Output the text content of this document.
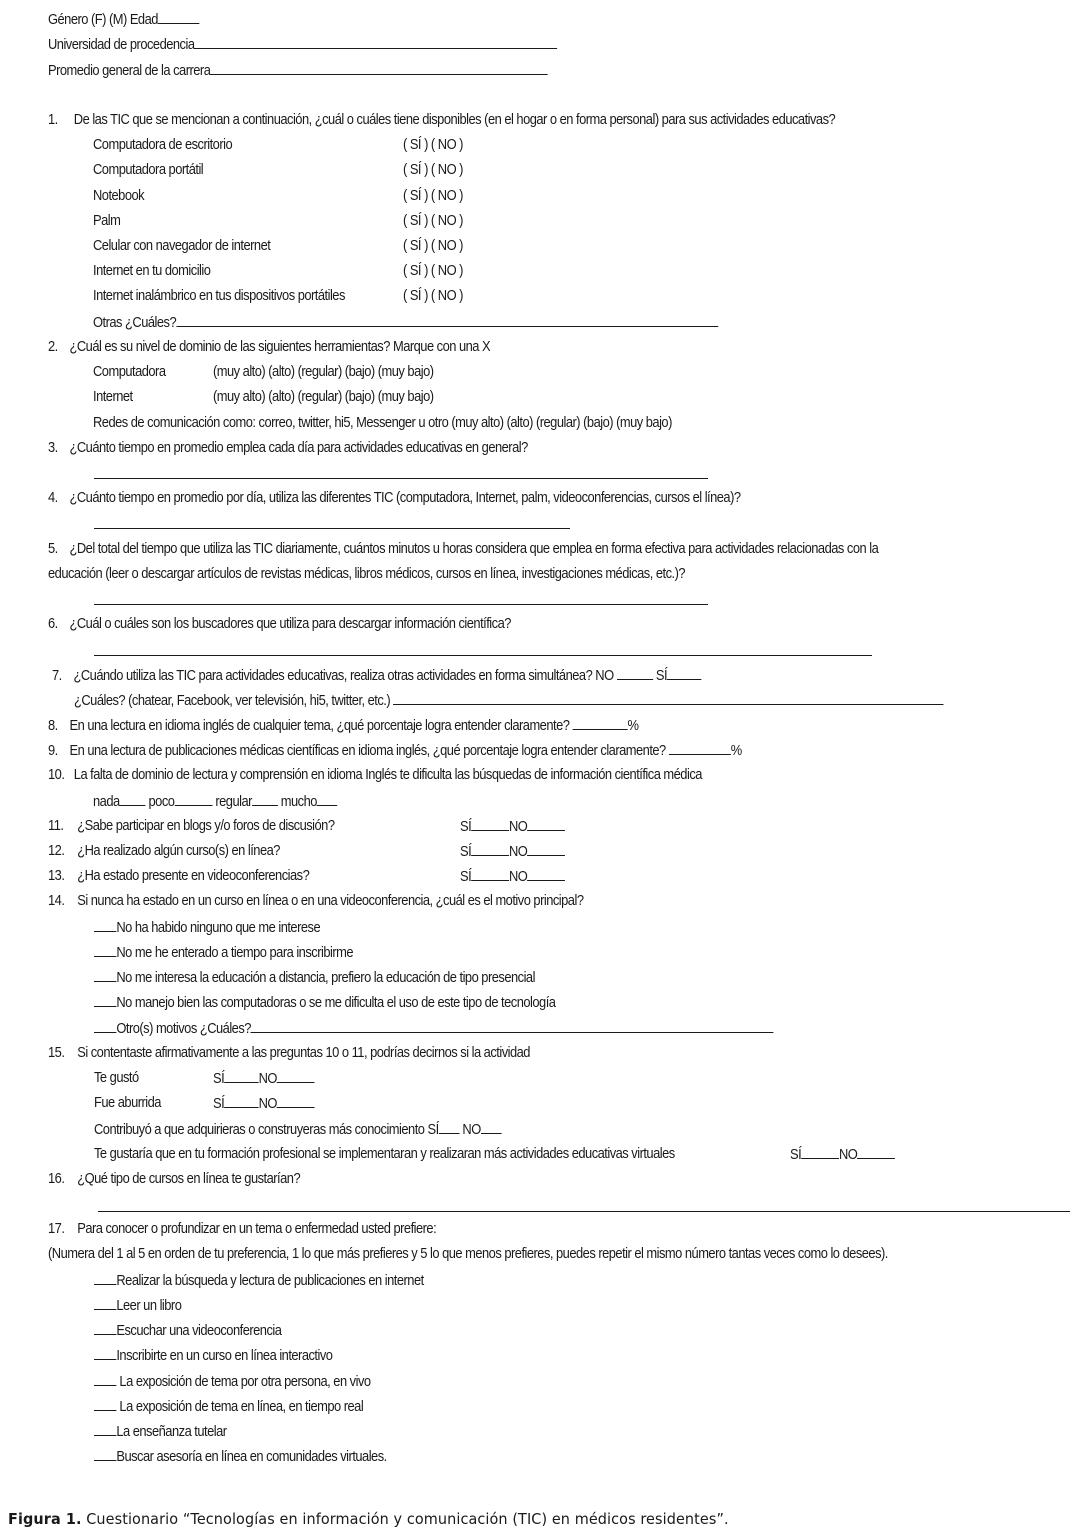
Género (F) (M) Edad
Universidad de procedencia
Promedio general de la carrera
1. De las TIC que se mencionan a continuación, ¿cuál o cuáles tiene disponibles (en el hogar o en forma personal) para sus actividades educativas?
Computadora de escritorio	( SÍ ) ( NO )
Computadora portátil	( SÍ ) ( NO )
Notebook	( SÍ ) ( NO )
Palm	( SÍ ) ( NO )
Celular con navegador de internet	( SÍ ) ( NO )
Internet en tu domicilio	( SÍ ) ( NO )
Internet inalámbrico en tus dispositivos portátiles	( SÍ ) ( NO )
Otras ¿Cuáles?
2. ¿Cuál es su nivel de dominio de las siguientes herramientas? Marque con una X
Computadora	(muy alto) (alto) (regular) (bajo) (muy bajo)
Internet	(muy alto) (alto) (regular) (bajo) (muy bajo)
Redes de comunicación como: correo, twitter, hi5, Messenger u otro (muy alto) (alto) (regular) (bajo) (muy bajo)
3. ¿Cuánto tiempo en promedio emplea cada día para actividades educativas en general?
4. ¿Cuánto tiempo en promedio por día, utiliza las diferentes TIC (computadora, Internet, palm, videoconferencias, cursos el línea)?
5. ¿Del total del tiempo que utiliza las TIC diariamente, cuántos minutos u horas considera que emplea en forma efectiva para actividades relacionadas con la
educación (leer o descargar artículos de revistas médicas, libros médicos, cursos en línea, investigaciones médicas, etc.)?
6. ¿Cuál o cuáles son los buscadores que utiliza para descargar información científica?
7. ¿Cuándo utiliza las TIC para actividades educativas, realiza otras actividades en forma simultánea? NO	SÍ
¿Cuáles? (chatear, Facebook, ver televisión, hi5, twitter, etc.)
8. En una lectura en idioma inglés de cualquier tema, ¿qué porcentaje logra entender claramente?	%
9. En una lectura de publicaciones médicas científicas en idioma inglés, ¿qué porcentaje logra entender claramente?	%
10. La falta de dominio de lectura y comprensión en idioma Inglés te dificulta las búsquedas de información científica médica
nada poco	regular mucho
11. ¿Sabe participar en blogs y/o foros de discusión?	SÍ	NO
12. ¿Ha realizado algún curso(s) en línea?	SÍ	NO
13. ¿Ha estado presente en videoconferencias?	SÍ	NO
14. Si nunca ha estado en un curso en línea o en una videoconferencia, ¿cuál es el motivo principal?
No ha habido ninguno que me interese
No me he enterado a tiempo para inscribirme
No me interesa la educación a distancia, prefiero la educación de tipo presencial
No manejo bien las computadoras o se me dificulta el uso de este tipo de tecnología
Otro(s) motivos ¿Cuáles?
15. Si contentaste afirmativamente a las preguntas 10 o 11, podrías decirnos si la actividad
Te gustó	SÍ NO
Fue aburrida	SÍ NO
Contribuyó a que adquirieras o construyeras más conocimiento SÍ NO
Te gustaría que en tu formación profesional se implementaran y realizaran más actividades educativas virtuales	SÍ	NO
16. ¿Qué tipo de cursos en línea te gustarían?
17. Para conocer o profundizar en un tema o enfermedad usted prefiere:
(Numera del 1 al 5 en orden de tu preferencia, 1 lo que más prefieres y 5 lo que menos prefieres, puedes repetir el mismo número tantas veces como lo desees).
Realizar la búsqueda y lectura de publicaciones en internet
Leer un libro
Escuchar una videoconferencia
Inscribirte en un curso en línea interactivo
La exposición de tema por otra persona, en vivo
La exposición de tema en línea, en tiempo real
La enseñanza tutelar
Buscar asesoría en línea en comunidades virtuales.
Figura 1. Cuestionario “Tecnologías en información y comunicación (TIC) en médicos residentes”.
